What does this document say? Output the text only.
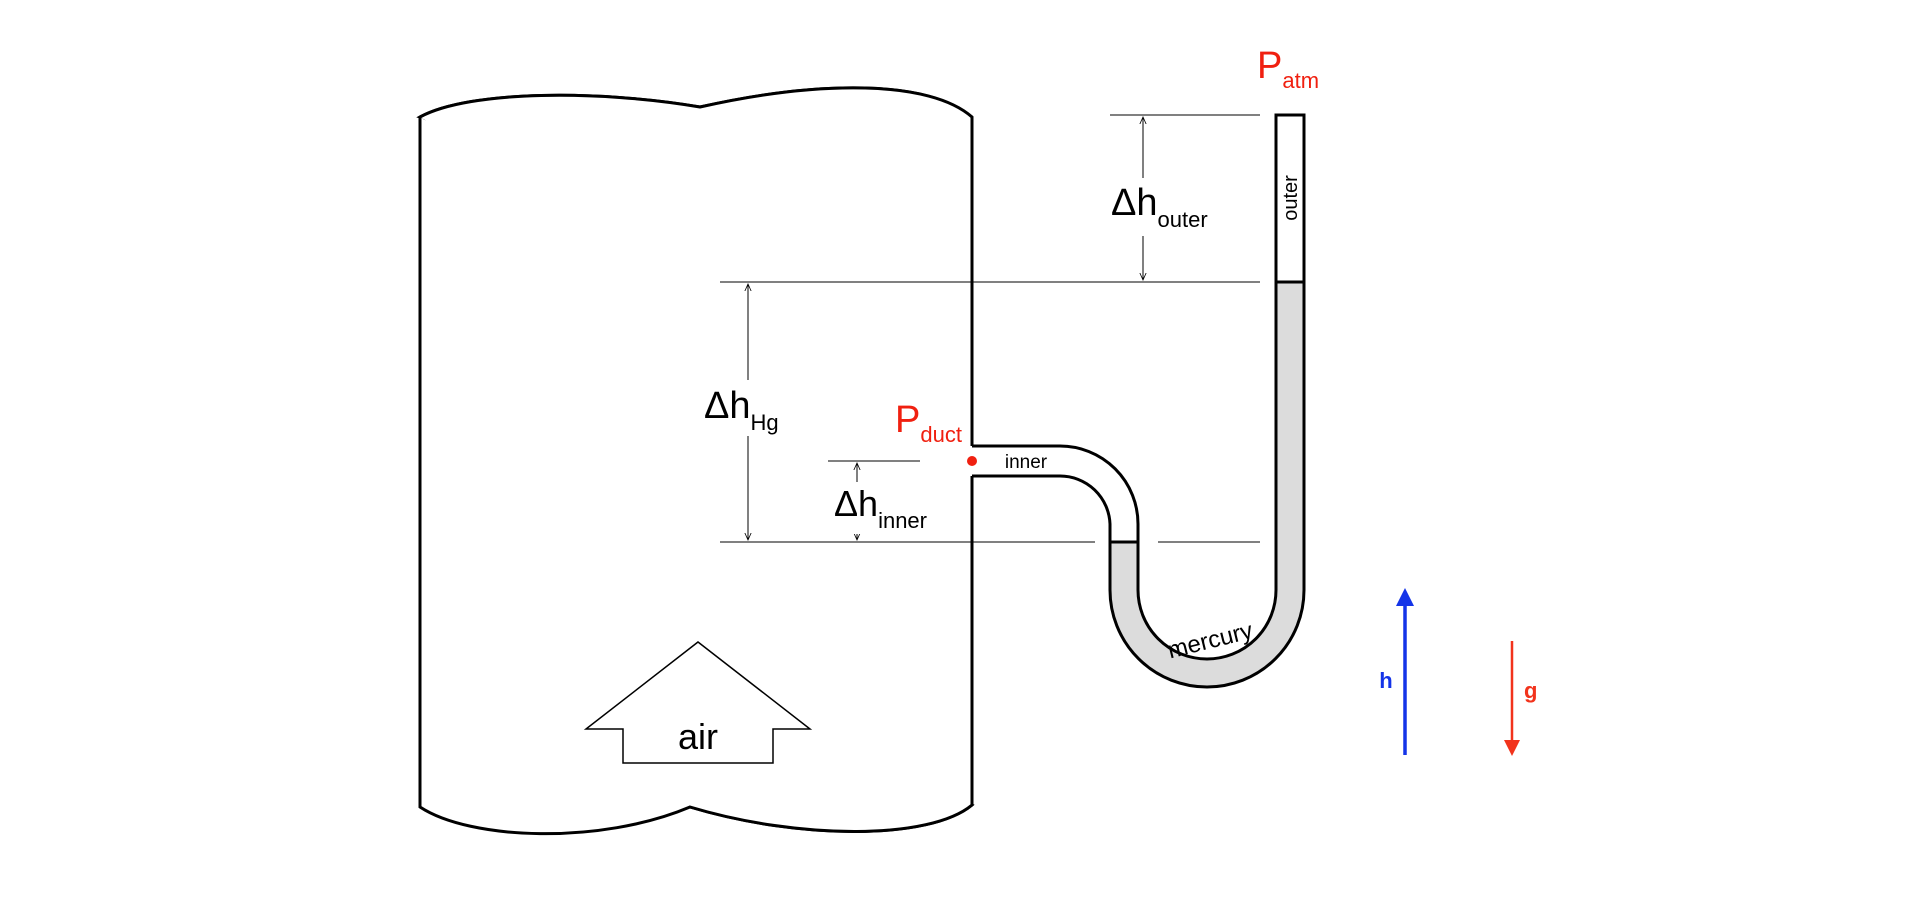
air
inner
outer
mercury
Δhouter
ΔhHg
Δhinner
Patm
Pduct
h	g
